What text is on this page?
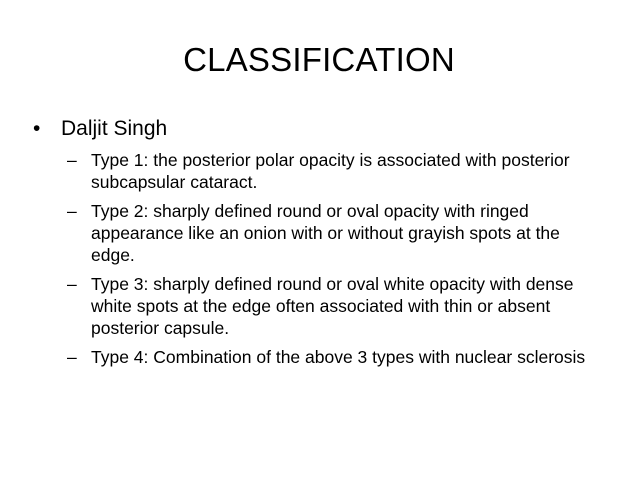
CLASSIFICATION
• Daljit Singh
– Type 1: the posterior polar opacity is associated with posterior subcapsular cataract.
– Type 2: sharply defined round or oval opacity with ringed appearance like an onion with or without grayish spots at the edge.
– Type 3: sharply defined round or oval white opacity with dense white spots at the edge often associated with thin or absent posterior capsule.
– Type 4: Combination of the above 3 types with nuclear sclerosis
